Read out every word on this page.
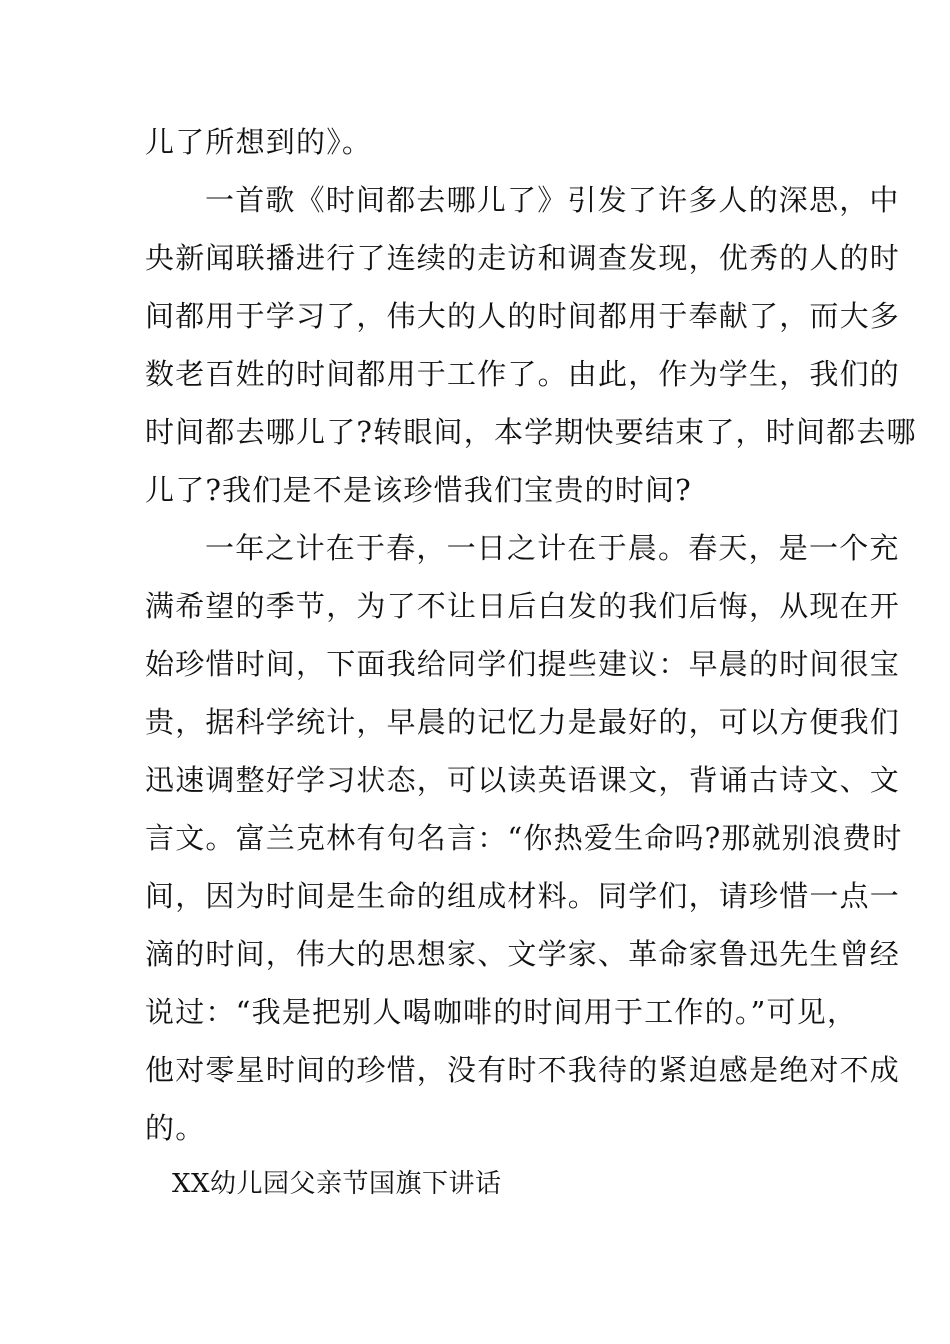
儿了所想到的》。
一首歌《时间都去哪儿了》引发了许多人的深思，中
央新闻联播进行了连续的走访和调查发现，优秀的人的时
间都用于学习了，伟大的人的时间都用于奉献了，而大多
数老百姓的时间都用于工作了。由此，作为学生，我们的
时间都去哪儿了?转眼间，本学期快要结束了，时间都去哪
儿了?我们是不是该珍惜我们宝贵的时间?
一年之计在于春，一日之计在于晨。春天，是一个充
满希望的季节，为了不让日后白发的我们后悔，从现在开
始珍惜时间，下面我给同学们提些建议：早晨的时间很宝
贵，据科学统计，早晨的记忆力是最好的，可以方便我们
迅速调整好学习状态，可以读英语课文，背诵古诗文、文
言文。富兰克林有句名言：“你热爱生命吗?那就别浪费时
间，因为时间是生命的组成材料。同学们，请珍惜一点一
滴的时间，伟大的思想家、文学家、革命家鲁迅先生曾经
说过：“我是把别人喝咖啡的时间用于工作的。”可见，
他对零星时间的珍惜，没有时不我待的紧迫感是绝对不成
的。
XX幼儿园父亲节国旗下讲话
